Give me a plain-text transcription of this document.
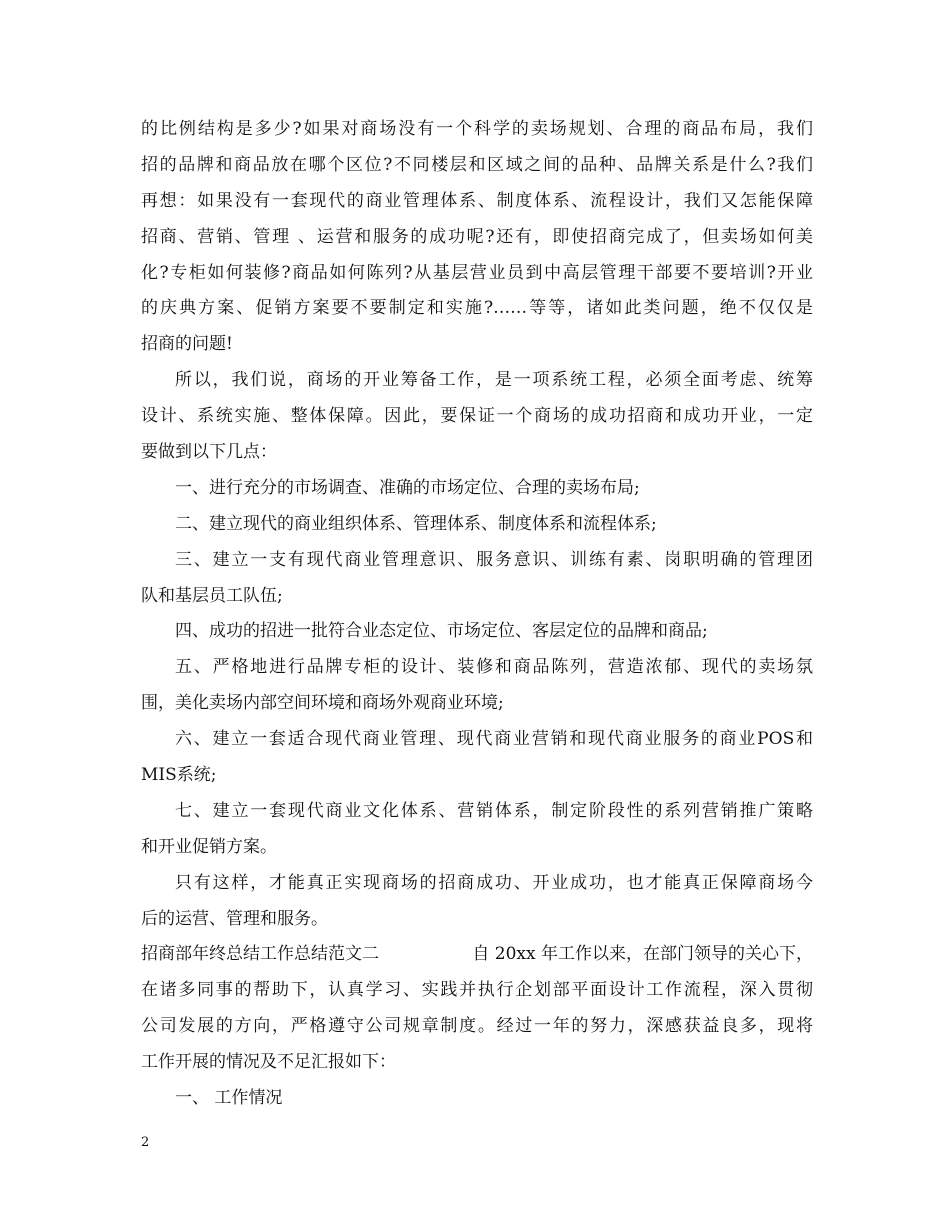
的比例结构是多少?如果对商场没有一个科学的卖场规划、合理的商品布局，我们
招的品牌和商品放在哪个区位?不同楼层和区域之间的品种、品牌关系是什么?我们
再想：如果没有一套现代的商业管理体系、制度体系、流程设计，我们又怎能保障
招商、营销、管理 、运营和服务的成功呢?还有，即使招商完成了，但卖场如何美
化?专柜如何装修?商品如何陈列?从基层营业员到中高层管理干部要不要培训?开业
的庆典方案、促销方案要不要制定和实施?……等等，诸如此类问题，绝不仅仅是
招商的问题!
所以，我们说，商场的开业筹备工作，是一项系统工程，必须全面考虑、统筹
设计、系统实施、整体保障。因此，要保证一个商场的成功招商和成功开业，一定
要做到以下几点：
一、进行充分的市场调查、准确的市场定位、合理的卖场布局;
二、建立现代的商业组织体系、管理体系、制度体系和流程体系;
三、建立一支有现代商业管理意识、服务意识、训练有素、岗职明确的管理团
队和基层员工队伍;
四、成功的招进一批符合业态定位、市场定位、客层定位的品牌和商品;
五、严格地进行品牌专柜的设计、装修和商品陈列，营造浓郁、现代的卖场氛
围，美化卖场内部空间环境和商场外观商业环境;
六、建立一套适合现代商业管理、现代商业营销和现代商业服务的商业POS和
MIS系统;
七、建立一套现代商业文化体系、营销体系，制定阶段性的系列营销推广策略
和开业促销方案。
只有这样，才能真正实现商场的招商成功、开业成功，也才能真正保障商场今
后的运营、管理和服务。
招商部年终总结工作总结范文二	自 20xx 年工作以来，在部门领导的关心下，
在诸多同事的帮助下，认真学习、实践并执行企划部平面设计工作流程，深入贯彻
公司发展的方向，严格遵守公司规章制度。经过一年的努力，深感获益良多，现将
工作开展的情况及不足汇报如下：
一、 工作情况
2
